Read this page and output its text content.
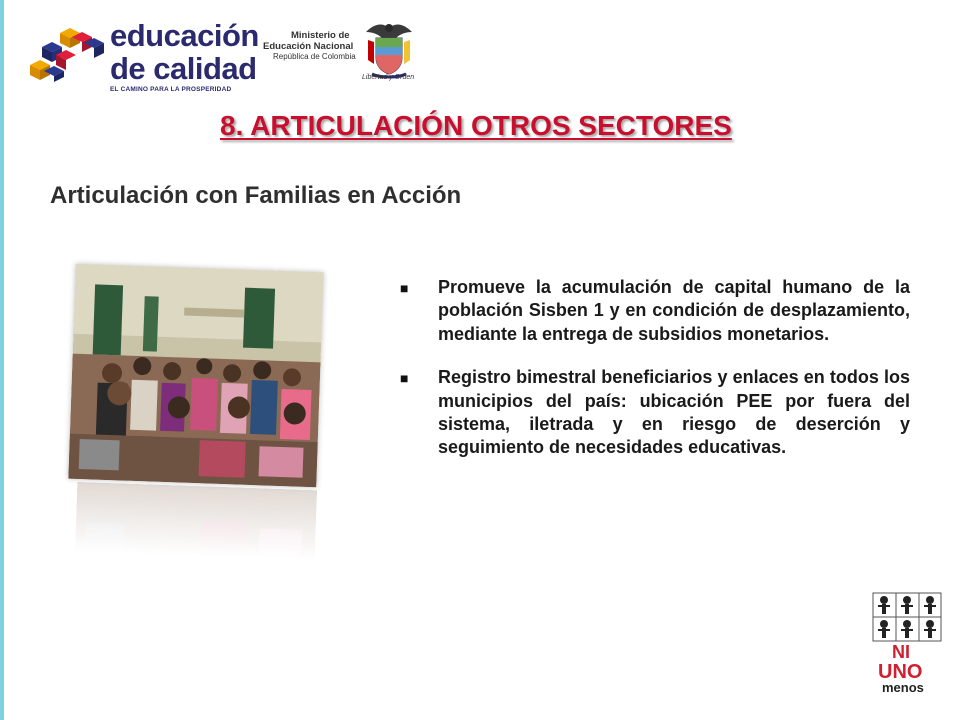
educación
de calidad
EL CAMINO PARA LA PROSPERIDAD
Ministerio de
Educación Nacional
República de Colombia
Libertad y Orden
8. ARTICULACIÓN OTROS SECTORES
Articulación con Familias en Acción
■	Promueve la acumulación de capital humano de la población Sisben 1 y en condición de desplazamiento, mediante la entrega de subsidios monetarios.
■	Registro bimestral beneficiarios y enlaces en todos los municipios del país: ubicación PEE por fuera del sistema, iletrada y en riesgo de deserción y seguimiento de necesidades educativas.
NI
UNO
menos
